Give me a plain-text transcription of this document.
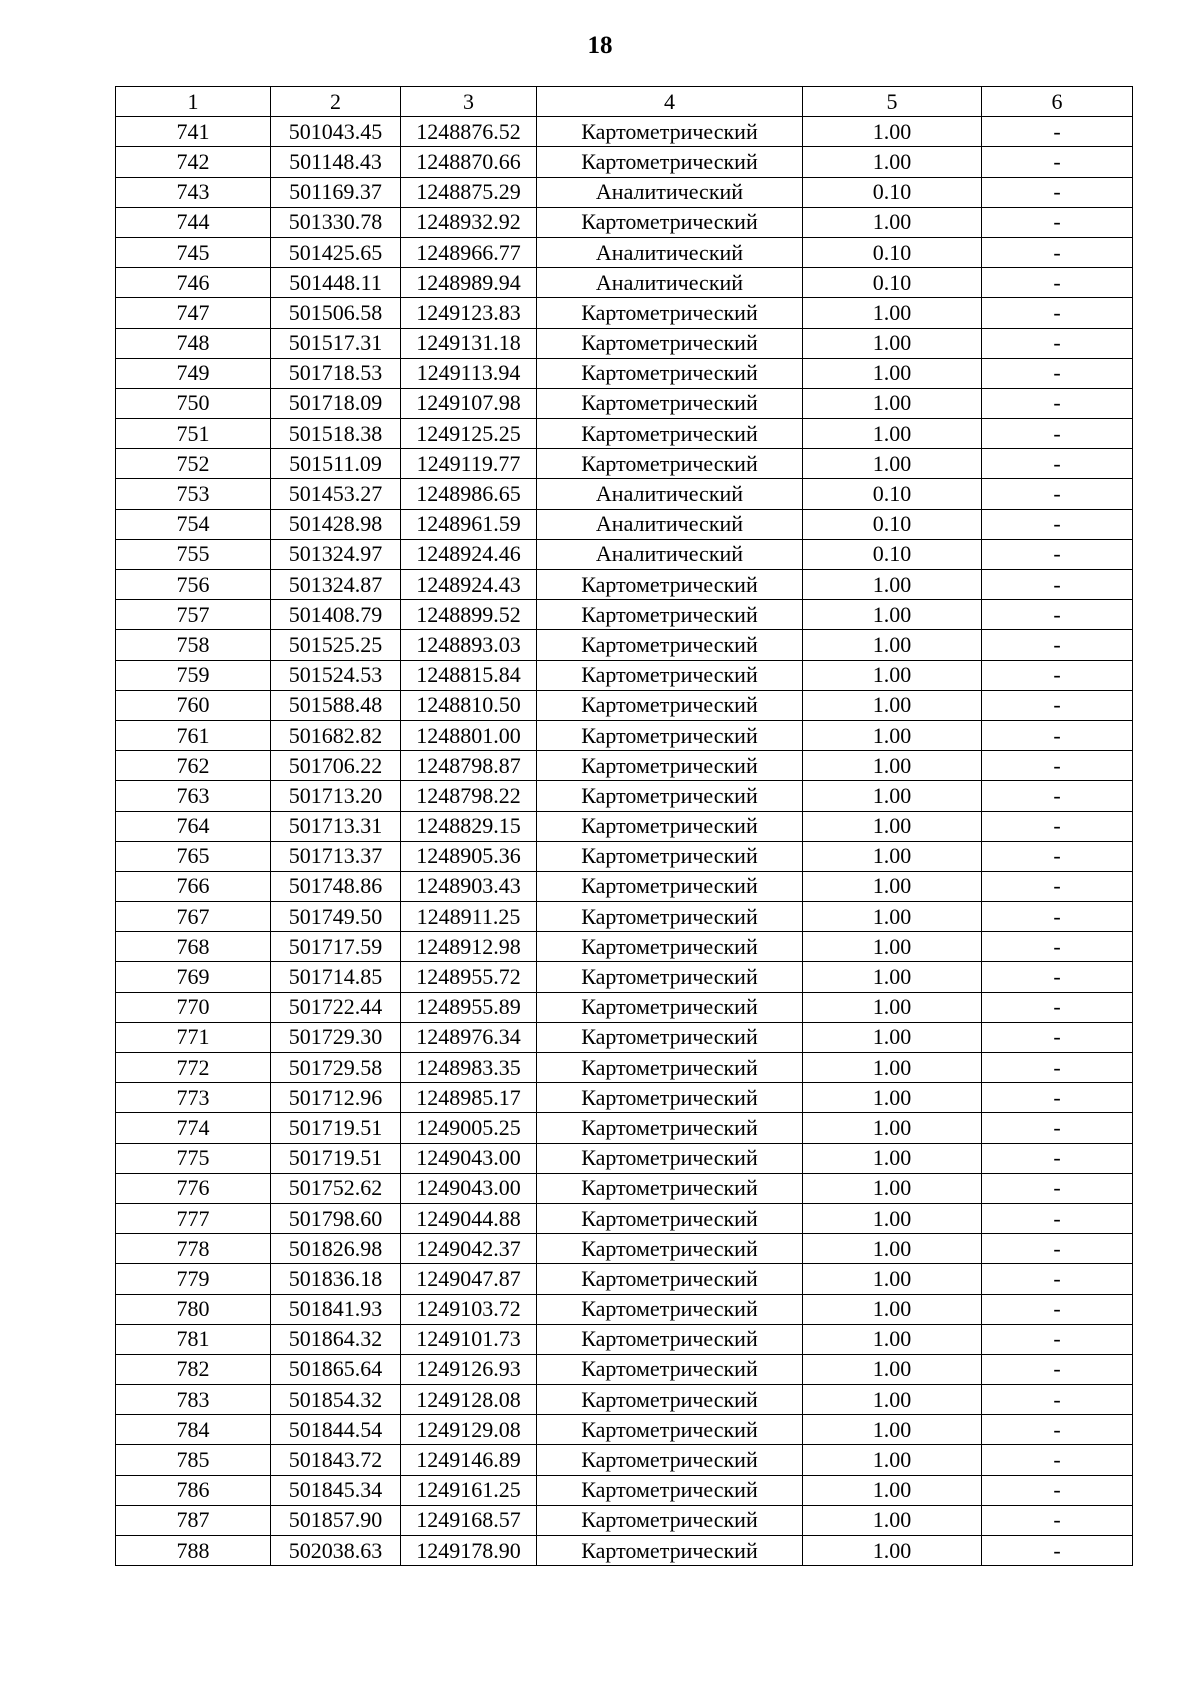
18
1	2	3	4	5	6
741	501043.45	1248876.52	Картометрический	1.00	-
742	501148.43	1248870.66	Картометрический	1.00	-
743	501169.37	1248875.29	Аналитический	0.10	-
744	501330.78	1248932.92	Картометрический	1.00	-
745	501425.65	1248966.77	Аналитический	0.10	-
746	501448.11	1248989.94	Аналитический	0.10	-
747	501506.58	1249123.83	Картометрический	1.00	-
748	501517.31	1249131.18	Картометрический	1.00	-
749	501718.53	1249113.94	Картометрический	1.00	-
750	501718.09	1249107.98	Картометрический	1.00	-
751	501518.38	1249125.25	Картометрический	1.00	-
752	501511.09	1249119.77	Картометрический	1.00	-
753	501453.27	1248986.65	Аналитический	0.10	-
754	501428.98	1248961.59	Аналитический	0.10	-
755	501324.97	1248924.46	Аналитический	0.10	-
756	501324.87	1248924.43	Картометрический	1.00	-
757	501408.79	1248899.52	Картометрический	1.00	-
758	501525.25	1248893.03	Картометрический	1.00	-
759	501524.53	1248815.84	Картометрический	1.00	-
760	501588.48	1248810.50	Картометрический	1.00	-
761	501682.82	1248801.00	Картометрический	1.00	-
762	501706.22	1248798.87	Картометрический	1.00	-
763	501713.20	1248798.22	Картометрический	1.00	-
764	501713.31	1248829.15	Картометрический	1.00	-
765	501713.37	1248905.36	Картометрический	1.00	-
766	501748.86	1248903.43	Картометрический	1.00	-
767	501749.50	1248911.25	Картометрический	1.00	-
768	501717.59	1248912.98	Картометрический	1.00	-
769	501714.85	1248955.72	Картометрический	1.00	-
770	501722.44	1248955.89	Картометрический	1.00	-
771	501729.30	1248976.34	Картометрический	1.00	-
772	501729.58	1248983.35	Картометрический	1.00	-
773	501712.96	1248985.17	Картометрический	1.00	-
774	501719.51	1249005.25	Картометрический	1.00	-
775	501719.51	1249043.00	Картометрический	1.00	-
776	501752.62	1249043.00	Картометрический	1.00	-
777	501798.60	1249044.88	Картометрический	1.00	-
778	501826.98	1249042.37	Картометрический	1.00	-
779	501836.18	1249047.87	Картометрический	1.00	-
780	501841.93	1249103.72	Картометрический	1.00	-
781	501864.32	1249101.73	Картометрический	1.00	-
782	501865.64	1249126.93	Картометрический	1.00	-
783	501854.32	1249128.08	Картометрический	1.00	-
784	501844.54	1249129.08	Картометрический	1.00	-
785	501843.72	1249146.89	Картометрический	1.00	-
786	501845.34	1249161.25	Картометрический	1.00	-
787	501857.90	1249168.57	Картометрический	1.00	-
788	502038.63	1249178.90	Картометрический	1.00	-
